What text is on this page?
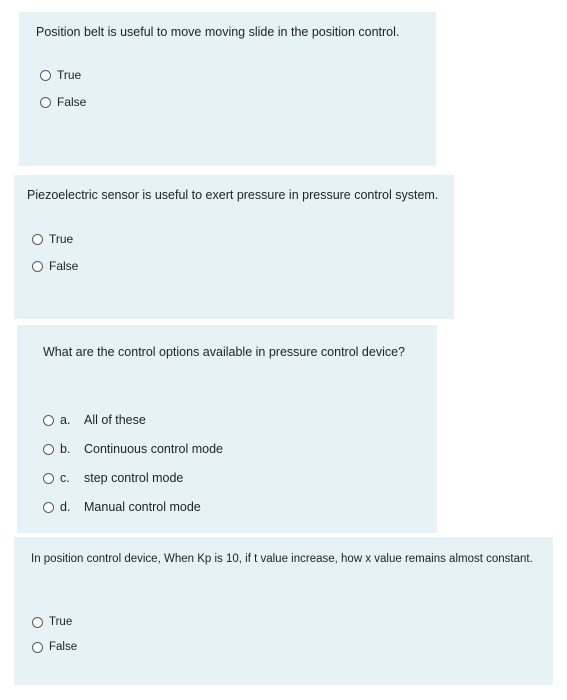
Position belt is useful to move moving slide in the position control.
True
False
Piezoelectric sensor is useful to exert pressure in pressure control system.
True
False
What are the control options available in pressure control device?
a.	All of these
b.	Continuous control mode
c.	step control mode
d.	Manual control mode
In position control device, When Kp is 10, if t value increase, how x value remains almost constant.
True
False
